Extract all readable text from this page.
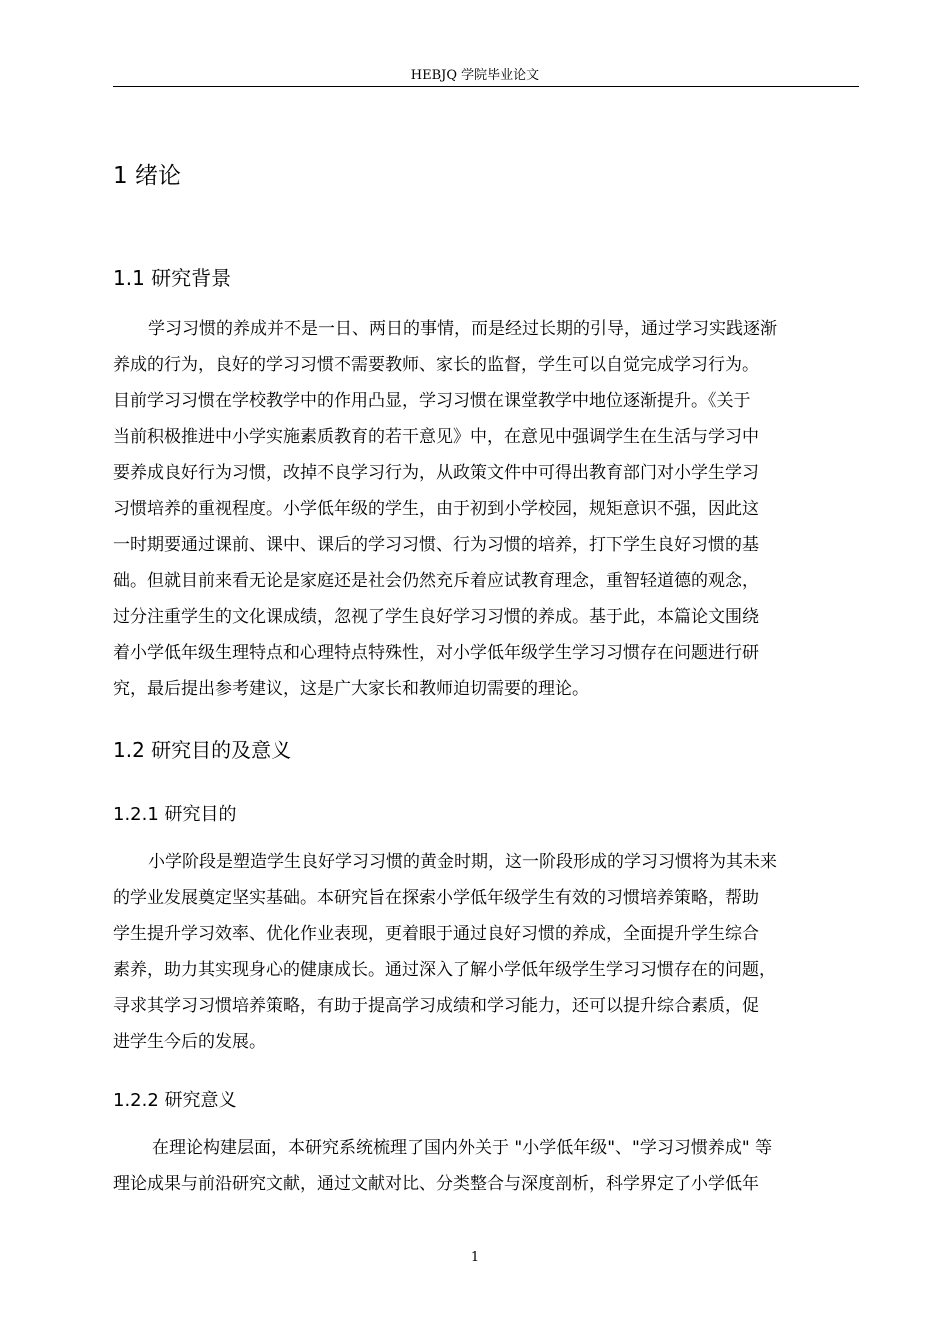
HEBJQ 学院毕业论文
1 绪论
1.1 研究背景
学习习惯的养成并不是一日、两日的事情，而是经过长期的引导，通过学习实践逐渐
养成的行为，良好的学习习惯不需要教师、家长的监督，学生可以自觉完成学习行为。
目前学习习惯在学校教学中的作用凸显，学习习惯在课堂教学中地位逐渐提升。《关于
当前积极推进中小学实施素质教育的若干意见》中，在意见中强调学生在生活与学习中
要养成良好行为习惯，改掉不良学习行为，从政策文件中可得出教育部门对小学生学习
习惯培养的重视程度。小学低年级的学生，由于初到小学校园，规矩意识不强，因此这
一时期要通过课前、课中、课后的学习习惯、行为习惯的培养，打下学生良好习惯的基
础。但就目前来看无论是家庭还是社会仍然充斥着应试教育理念，重智轻道德的观念，
过分注重学生的文化课成绩，忽视了学生良好学习习惯的养成。基于此，本篇论文围绕
着小学低年级生理特点和心理特点特殊性，对小学低年级学生学习习惯存在问题进行研
究，最后提出参考建议，这是广大家长和教师迫切需要的理论。
1.2 研究目的及意义
1.2.1 研究目的
小学阶段是塑造学生良好学习习惯的黄金时期，这一阶段形成的学习习惯将为其未来
的学业发展奠定坚实基础。本研究旨在探索小学低年级学生有效的习惯培养策略，帮助
学生提升学习效率、优化作业表现，更着眼于通过良好习惯的养成，全面提升学生综合
素养，助力其实现身心的健康成长。通过深入了解小学低年级学生学习习惯存在的问题，
寻求其学习习惯培养策略，有助于提高学习成绩和学习能力，还可以提升综合素质，促
进学生今后的发展。
1.2.2 研究意义
在理论构建层面，本研究系统梳理了国内外关于 "小学低年级"、"学习习惯养成" 等
理论成果与前沿研究文献，通过文献对比、分类整合与深度剖析，科学界定了小学低年
1
